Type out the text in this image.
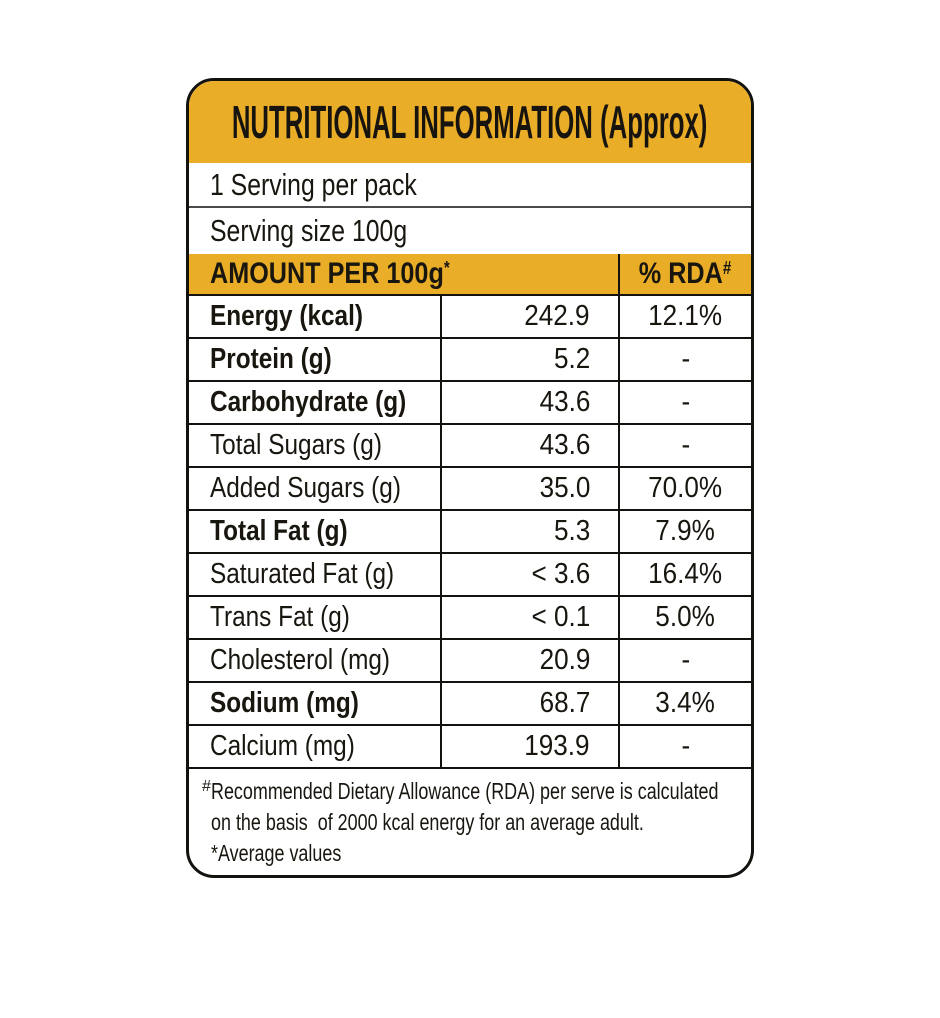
NUTRITIONAL INFORMATION (Approx)
1 Serving per pack
Serving size 100g
AMOUNT PER 100g*	% RDA#
Energy (kcal)	242.9 12.1%
Protein (g)	5.2	-
Carbohydrate (g)	43.6	-
Total Sugars (g)	43.6	-
Added Sugars (g)	35.0 70.0%
Total Fat (g)	5.3 7.9%
Saturated Fat (g)	< 3.6 16.4%
Trans Fat (g)	< 0.1 5.0%
Cholesterol (mg)	20.9	-
Sodium (mg)	68.7 3.4%
Calcium (mg)	193.9	-
# Recommended Dietary Allowance (RDA) per serve is calculated
on the basis  of 2000 kcal energy for an average adult.
*Average values
